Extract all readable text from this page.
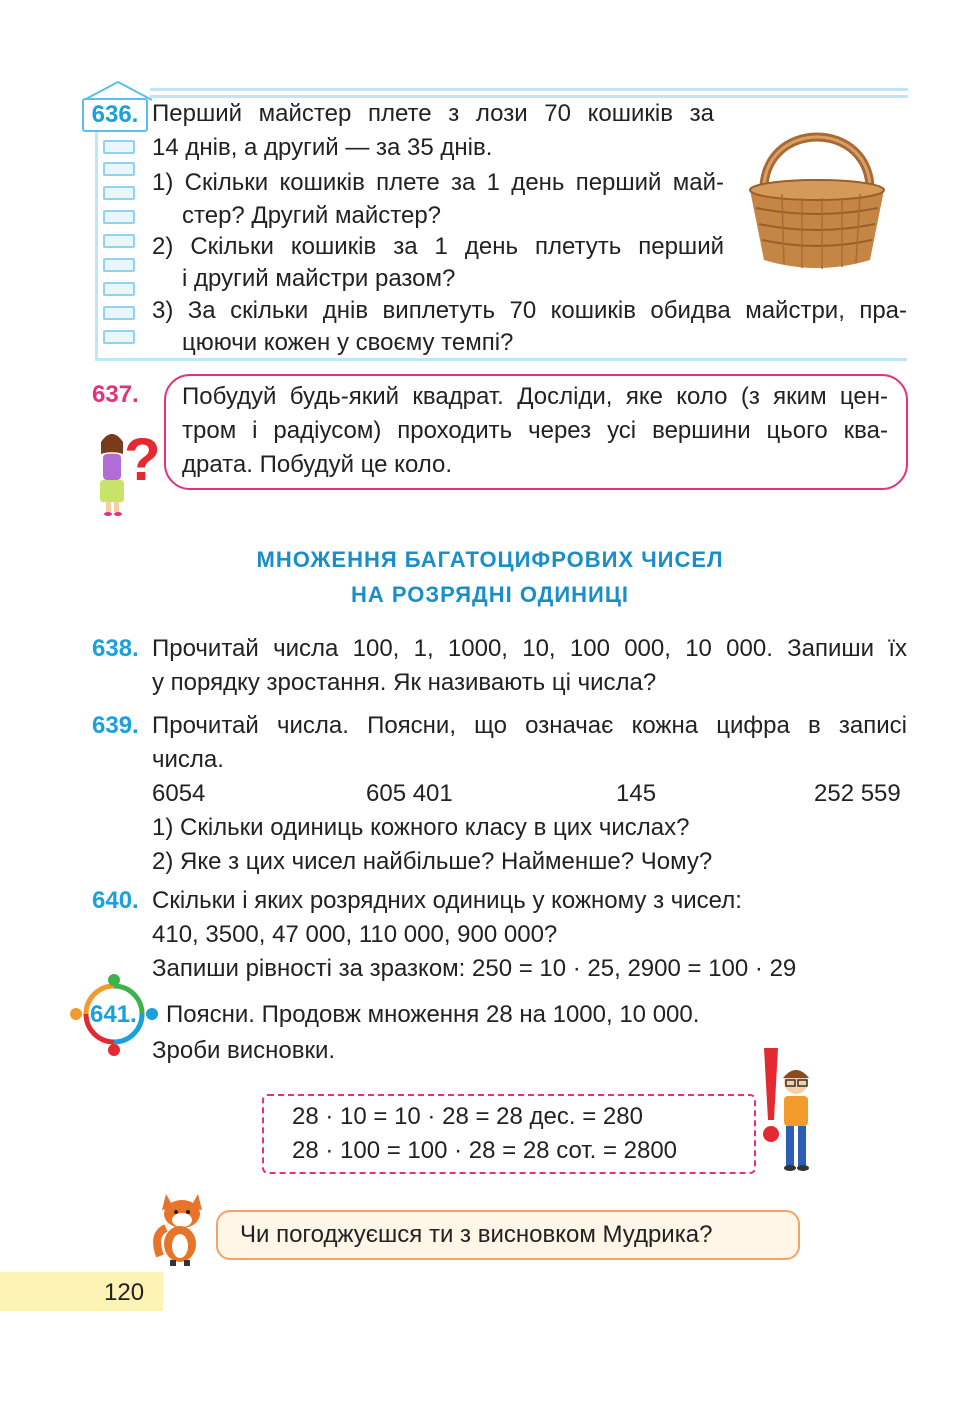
636. Перший майстер плете з лози 70 кошиків за
14 днів, а другий — за 35 днів.
1) Скільки кошиків плете за 1 день перший май-
стер? Другий майстер?
2) Скільки кошиків за 1 день плетуть перший
і другий майстри разом?
3) За скільки днів виплетуть 70 кошиків обидва майстри, пра-
цюючи кожен у своєму темпі?
637. Побудуй будь-який квадрат. Досліди, яке коло (з яким цен-
тром і радіусом) проходить через усі вершини цього ква-
драта. Побудуй це коло.
?
МНОЖЕННЯ БАГАТОЦИФРОВИХ ЧИСЕЛ
НА РОЗРЯДНІ ОДИНИЦІ
638. Прочитай числа 100, 1, 1000, 10, 100 000, 10 000. Запиши їх
у порядку зростання. Як називають ці числа?
639. Прочитай числа. Поясни, що означає кожна цифра в записі
числа.
6054	605 401	145	252 559
1) Скільки одиниць кожного класу в цих числах?
2) Яке з цих чисел найбільше? Найменше? Чому?
640. Скільки і яких розрядних одиниць у кожному з чисел:
410, 3500, 47 000, 110 000, 900 000?
Запиши рівності за зразком: 250 = 10 · 25, 2900 = 100 · 29
641. Поясни. Продовж множення 28 на 1000, 10 000.
Зроби висновки.
28 · 10 = 10 · 28 = 28 дес. = 280
28 · 100 = 100 · 28 = 28 сот. = 2800
Чи погоджуєшся ти з висновком Мудрика?
120
